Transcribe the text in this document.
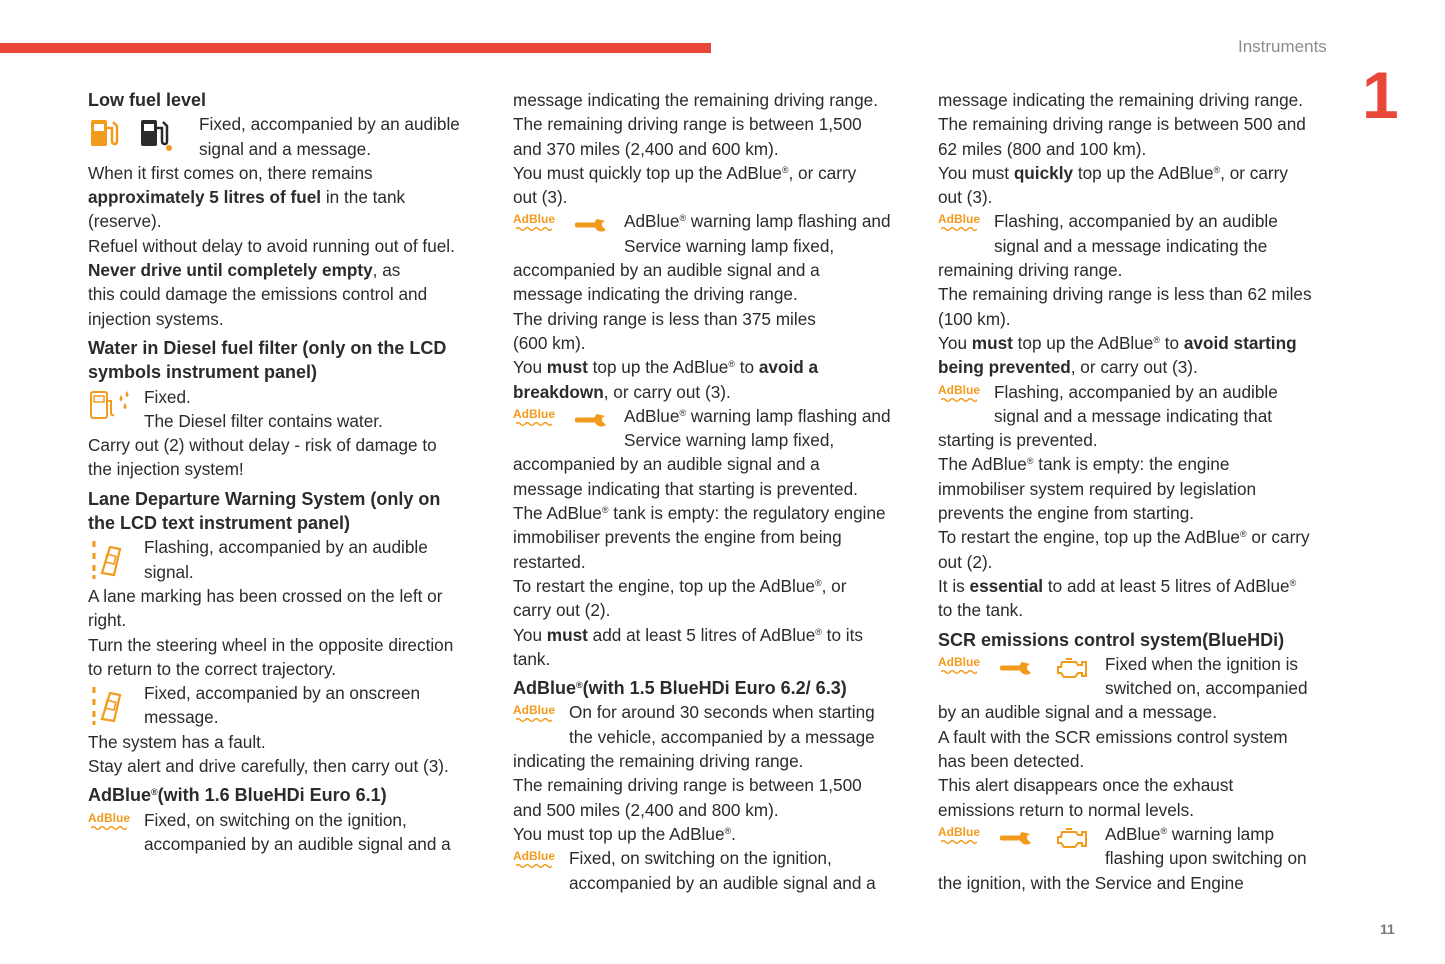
Instruments
1
11

Low fuel level

Fixed, accompanied by an audible
signal and a message.

When it first comes on, there remains
approximately 5 litres of fuel in the tank
(reserve).
Refuel without delay to avoid running out of fuel.
Never drive until completely empty, as
this could damage the emissions control and
injection systems.

Water in Diesel fuel filter (only on the LCD
symbols instrument panel)

Fixed.
The Diesel filter contains water.

Carry out (2) without delay - risk of damage to
the injection system!

Lane Departure Warning System (only on
the LCD text instrument panel)

Flashing, accompanied by an audible
signal.

A lane marking has been crossed on the left or
right.
Turn the steering wheel in the opposite direction
to return to the correct trajectory.

Fixed, accompanied by an onscreen
message.

The system has a fault.
Stay alert and drive carefully, then carry out (3).

AdBlue®(with 1.6 BlueHDi Euro 6.1)

AdBlue Fixed, on switching on the ignition,
accompanied by an audible signal and a

message indicating the remaining driving range.
The remaining driving range is between 1,500
and 370 miles (2,400 and 600 km).
You must quickly top up the AdBlue®, or carry
out (3).

AdBlue	AdBlue® warning lamp flashing and
Service warning lamp fixed,

accompanied by an audible signal and a
message indicating the driving range.
The driving range is less than 375 miles
(600 km).
You must top up the AdBlue® to avoid a
breakdown, or carry out (3).

AdBlue	AdBlue® warning lamp flashing and
Service warning lamp fixed,

accompanied by an audible signal and a
message indicating that starting is prevented.
The AdBlue® tank is empty: the regulatory engine
immobiliser prevents the engine from being
restarted.
To restart the engine, top up the AdBlue®, or
carry out (2).
You must add at least 5 litres of AdBlue® to its
tank.

AdBlue®(with 1.5 BlueHDi Euro 6.2/ 6.3)

AdBlue On for around 30 seconds when starting
the vehicle, accompanied by a message

indicating the remaining driving range.
The remaining driving range is between 1,500
and 500 miles (2,400 and 800 km).
You must top up the AdBlue®.

AdBlue Fixed, on switching on the ignition,
accompanied by an audible signal and a

message indicating the remaining driving range.
The remaining driving range is between 500 and
62 miles (800 and 100 km).
You must quickly top up the AdBlue®, or carry
out (3).

AdBlue Flashing, accompanied by an audible
signal and a message indicating the

remaining driving range.
The remaining driving range is less than 62 miles
(100 km).
You must top up the AdBlue® to avoid starting
being prevented, or carry out (3).

AdBlue Flashing, accompanied by an audible
signal and a message indicating that

starting is prevented.
The AdBlue® tank is empty: the engine
immobiliser system required by legislation
prevents the engine from starting.
To restart the engine, top up the AdBlue® or carry
out (2).
It is essential to add at least 5 litres of AdBlue®
to the tank.

SCR emissions control system(BlueHDi)

AdBlue	Fixed when the ignition is
switched on, accompanied

by an audible signal and a message.
A fault with the SCR emissions control system
has been detected.
This alert disappears once the exhaust
emissions return to normal levels.

AdBlue	AdBlue® warning lamp
flashing upon switching on

the ignition, with the Service and Engine
